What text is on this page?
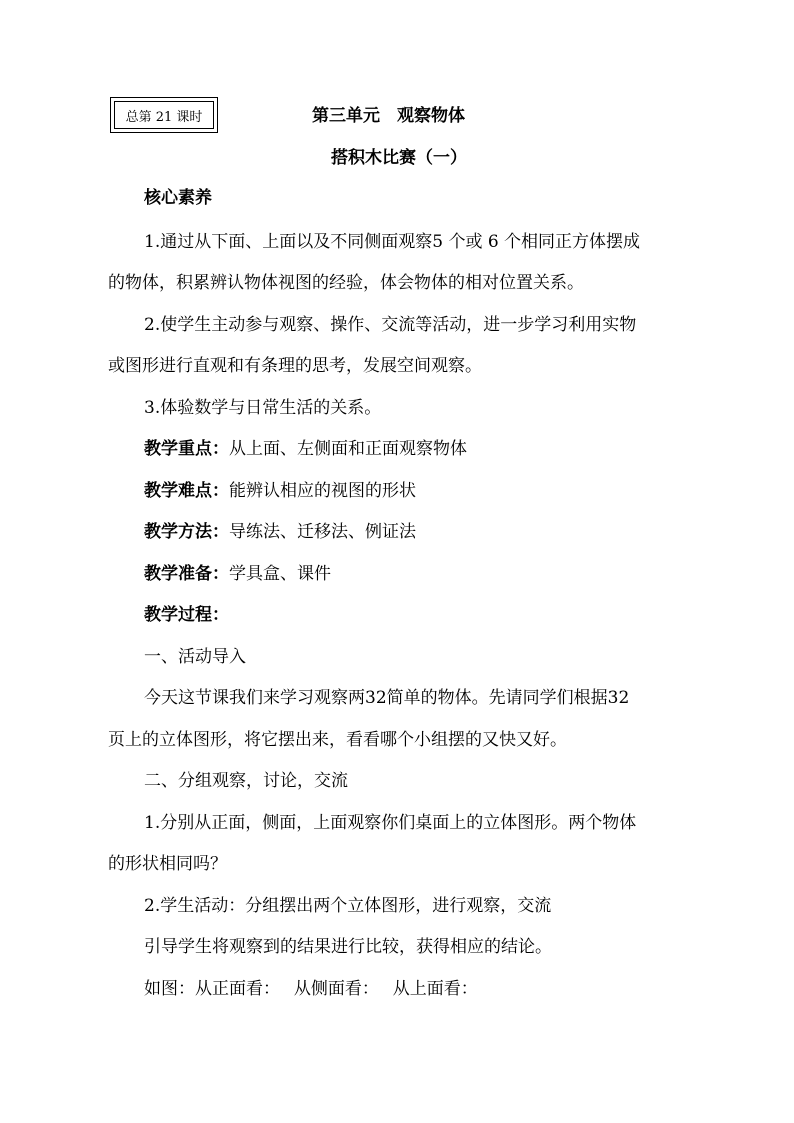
总第 21 课时	第三单元　观察物体
搭积木比赛（一）
核心素养
1.通过从下面、上面以及不同侧面观察5 个或 6 个相同正方体摆成
的物体，积累辨认物体视图的经验，体会物体的相对位置关系。
2.使学生主动参与观察、操作、交流等活动，进一步学习利用实物
或图形进行直观和有条理的思考，发展空间观察。
3.体验数学与日常生活的关系。
教学重点：从上面、左侧面和正面观察物体
教学难点：能辨认相应的视图的形状
教学方法：导练法、迁移法、例证法
教学准备：学具盒、课件
教学过程：
一、活动导入
今天这节课我们来学习观察两32简单的物体。先请同学们根据32
页上的立体图形，将它摆出来，看看哪个小组摆的又快又好。
二、分组观察，讨论，交流
1.分别从正面，侧面，上面观察你们桌面上的立体图形。两个物体
的形状相同吗？
2.学生活动：分组摆出两个立体图形，进行观察，交流
引导学生将观察到的结果进行比较，获得相应的结论。
如图：从正面看：　 从侧面看：　 从上面看：
